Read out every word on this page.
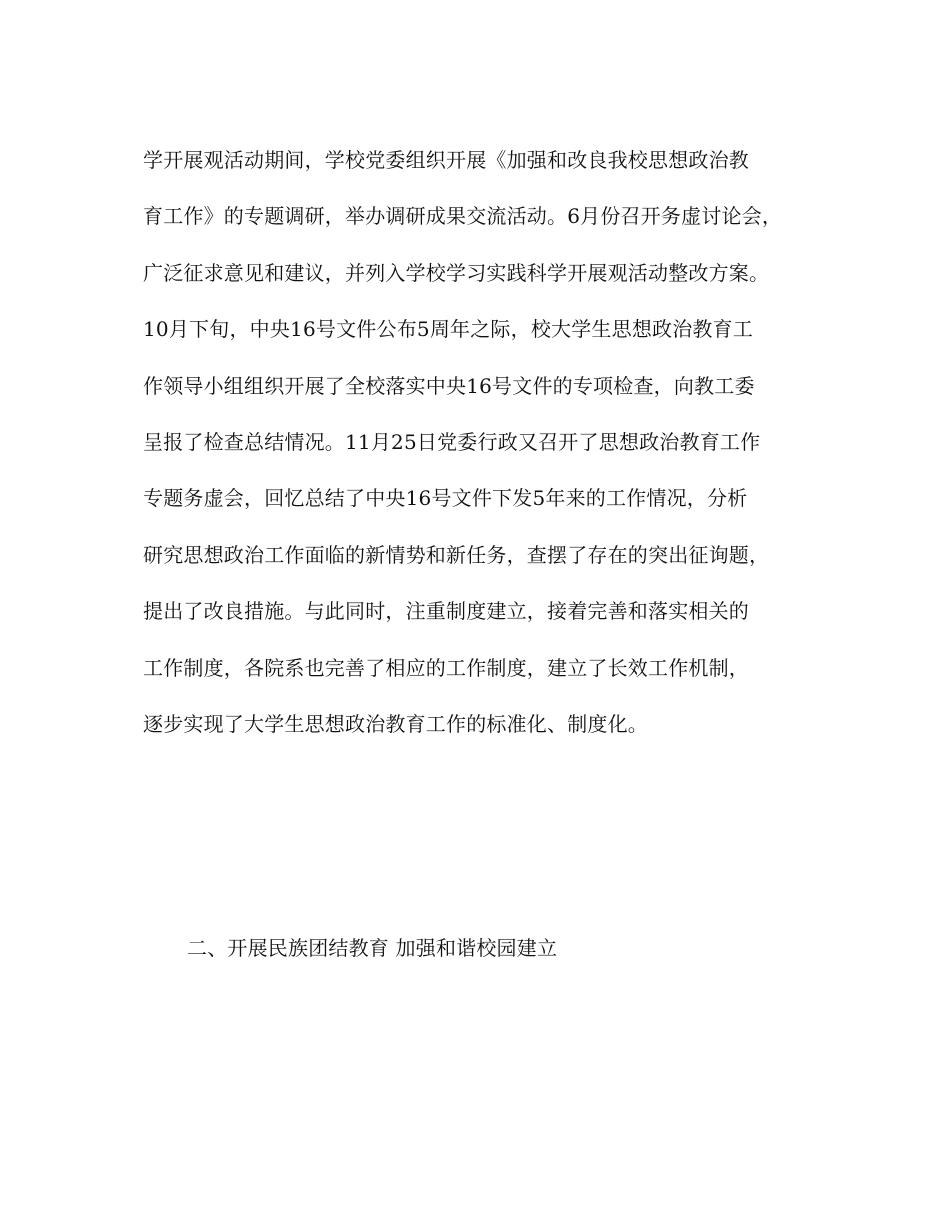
学开展观活动期间，学校党委组织开展《加强和改良我校思想政治教
育工作》的专题调研，举办调研成果交流活动。6月份召开务虚讨论会，
广泛征求意见和建议，并列入学校学习实践科学开展观活动整改方案。
10月下旬，中央16号文件公布5周年之际，校大学生思想政治教育工
作领导小组组织开展了全校落实中央16号文件的专项检查，向教工委
呈报了检查总结情况。11月25日党委行政又召开了思想政治教育工作
专题务虚会，回忆总结了中央16号文件下发5年来的工作情况，分析
研究思想政治工作面临的新情势和新任务，查摆了存在的突出征询题，
提出了改良措施。与此同时，注重制度建立，接着完善和落实相关的
工作制度，各院系也完善了相应的工作制度，建立了长效工作机制，
逐步实现了大学生思想政治教育工作的标准化、制度化。
二、开展民族团结教育 加强和谐校园建立
